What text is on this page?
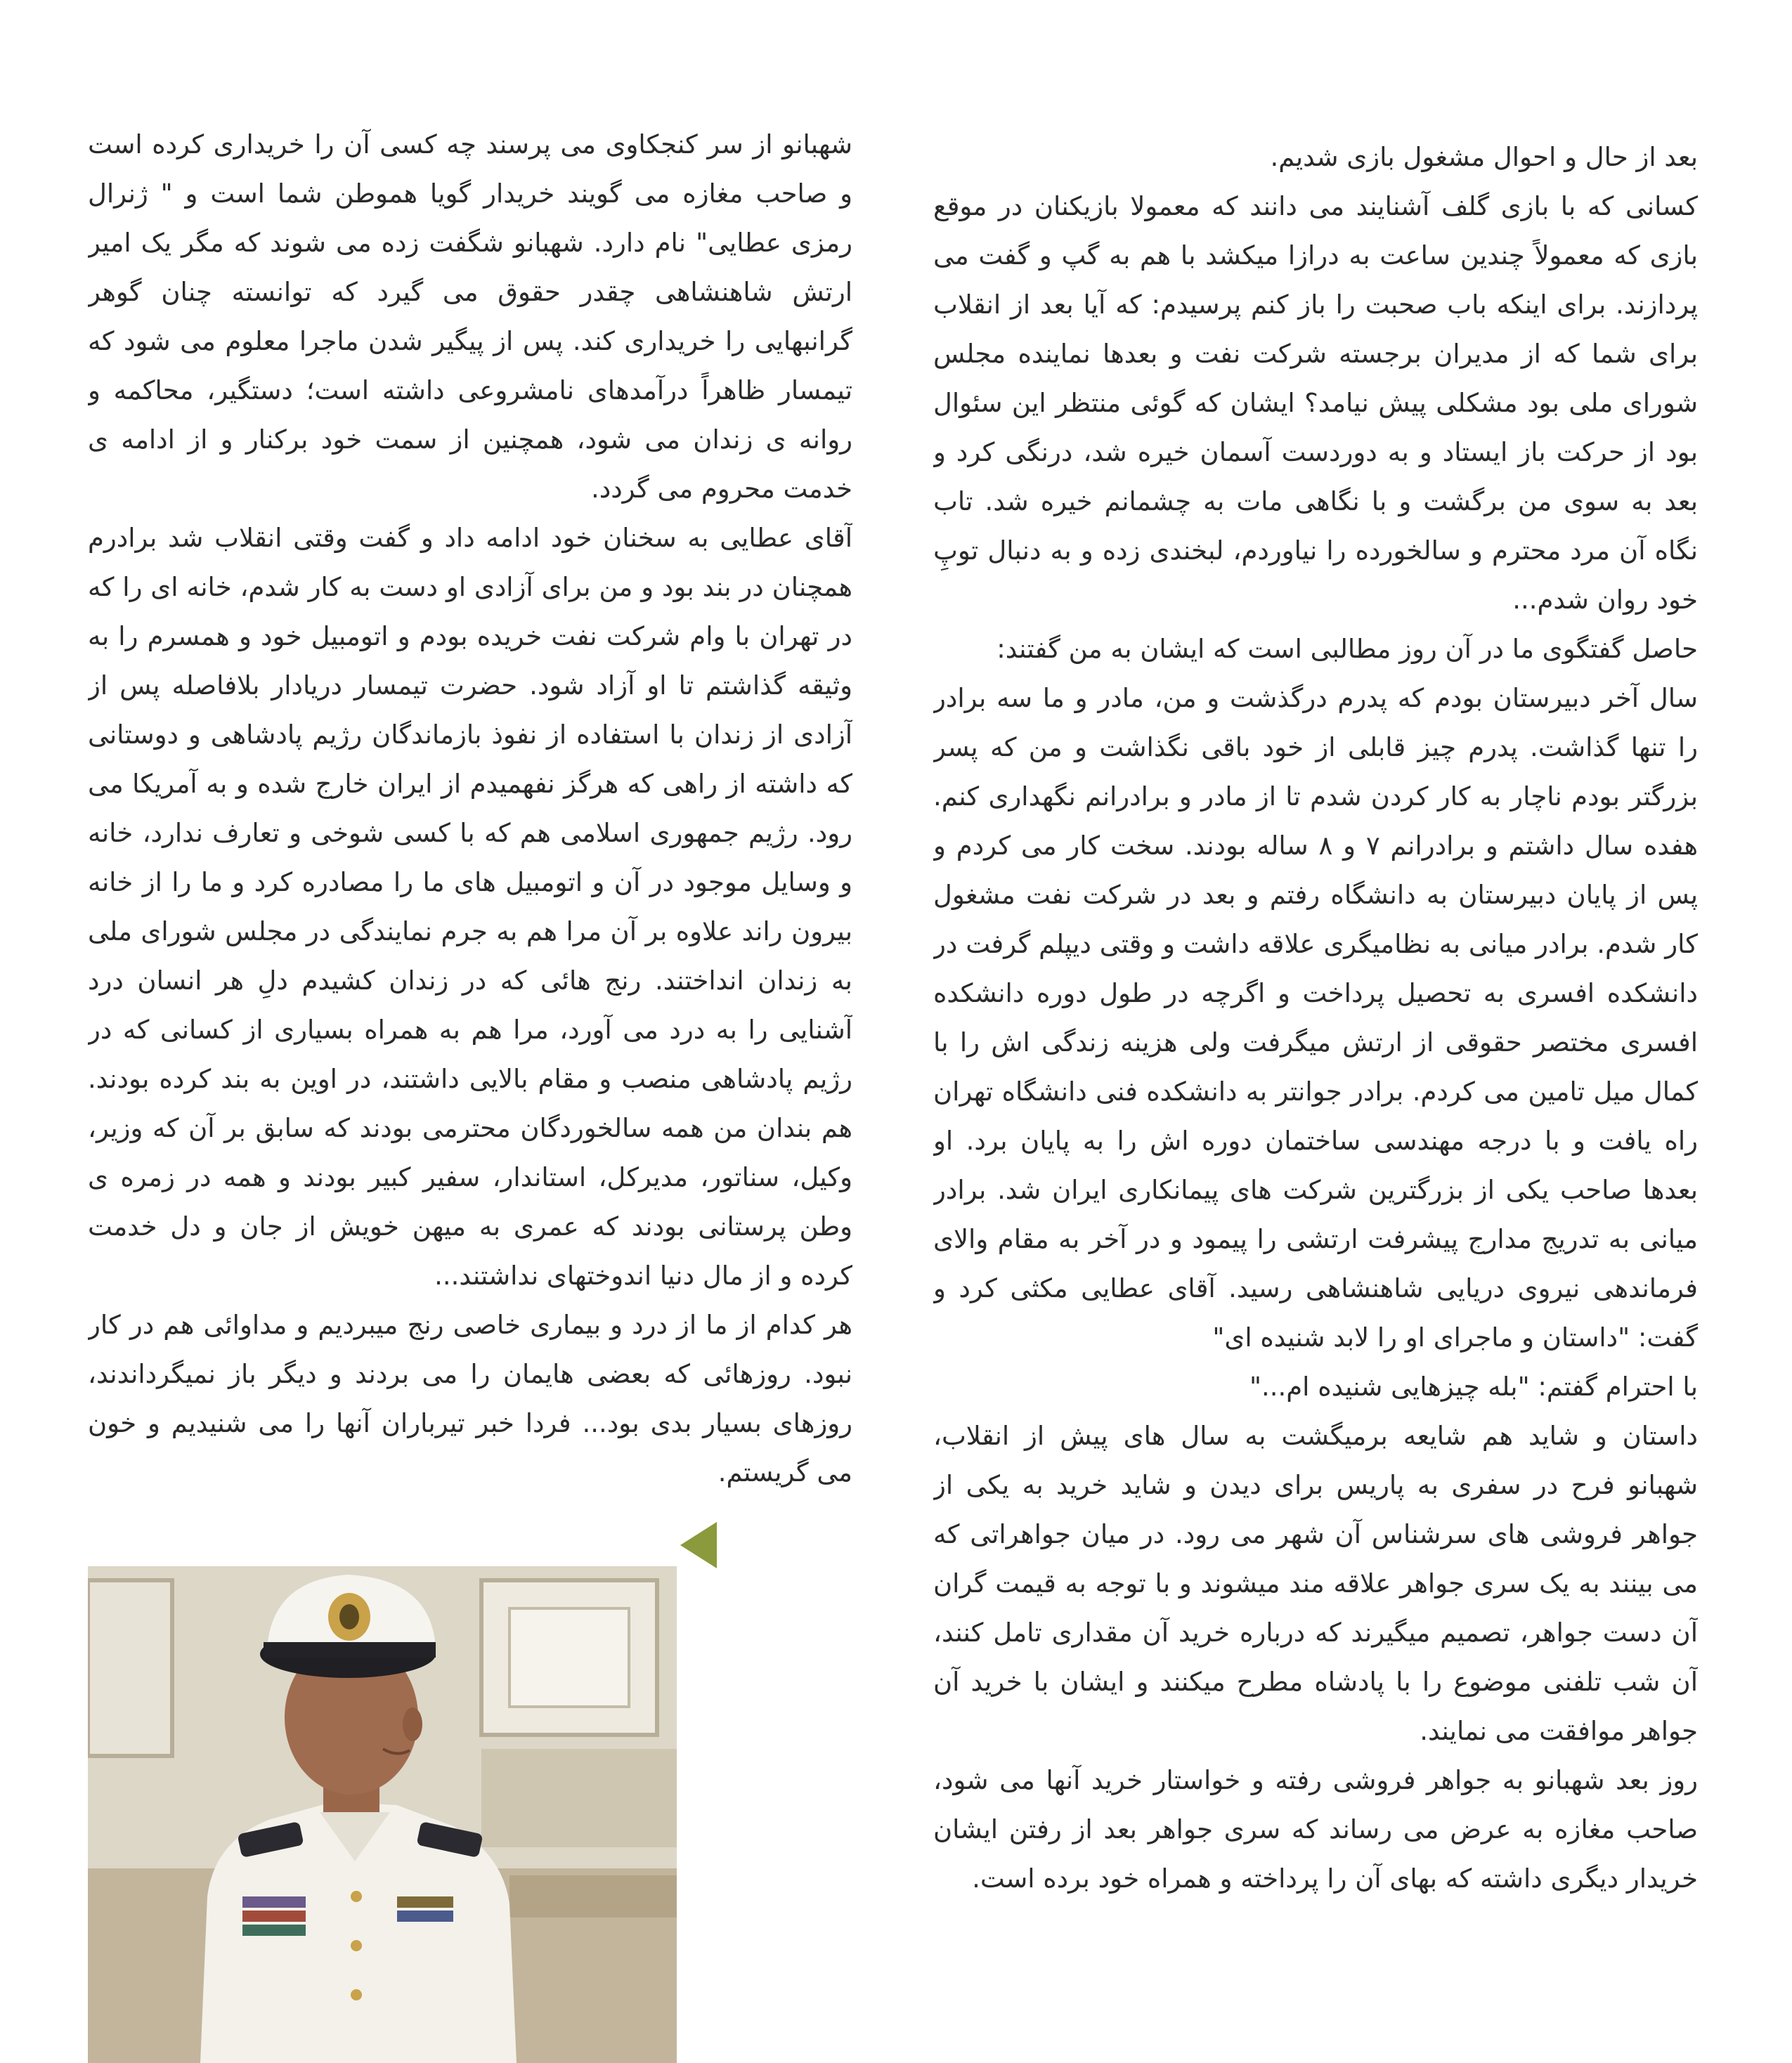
بعد از حال و احوال مشغول بازی شدیم.

کسانی که با بازی گلف آشنایند می دانند که معمولا بازیکنان در موقع بازی که معمولاً چندین ساعت به درازا میکشد با هم به گپ و گفت می پردازند. برای اینکه باب صحبت را باز کنم پرسیدم: که آیا بعد از انقلاب برای شما که از مدیران برجسته شرکت نفت و بعدها نماینده مجلس شورای ملی بود مشکلی پیش نیامد؟ ایشان که گوئی منتظر این سئوال بود از حرکت باز ایستاد و به دوردست آسمان خیره شد، درنگی کرد و بعد به سوی من برگشت و با نگاهی مات به چشمانم خیره شد. تاب نگاه آن مرد محترم و سالخورده را نیاوردم، لبخندی زده و به دنبال توپِ خود روان شدم...

حاصل گفتگوی ما در آن روز مطالبی است که ایشان به من گفتند:

سال آخر دبیرستان بودم که پدرم درگذشت و من، مادر و ما سه برادر را تنها گذاشت. پدرم چیز قابلی از خود باقی نگذاشت و من که پسر بزرگتر بودم ناچار به کار کردن شدم تا از مادر و برادرانم نگهداری کنم. هفده سال داشتم و برادرانم ۷ و ۸ ساله بودند. سخت کار می کردم و پس از پایان دبیرستان به دانشگاه رفتم و بعد در شرکت نفت مشغول کار شدم. برادر میانی به نظامیگری علاقه داشت و وقتی دیپلم گرفت در دانشکده افسری به تحصیل پرداخت و اگرچه در طول دوره دانشکده افسری مختصر حقوقی از ارتش میگرفت ولی هزینه زندگی اش را با کمال میل تامین می کردم. برادر جوانتر به دانشکده فنی دانشگاه تهران راه یافت و با درجه مهندسی ساختمان دوره اش را به پایان برد. او بعدها صاحب یکی از بزرگترین شرکت های پیمانکاری ایران شد. برادر میانی به تدریج مدارج پیشرفت ارتشی را پیمود و در آخر به مقام والای فرماندهی نیروی دریایی شاهنشاهی رسید. آقای عطایی مکثی کرد و گفت: "داستان و ماجرای او را لابد شنیده ای"

با احترام گفتم: "بله چیزهایی شنیده ام..."

داستان و شاید هم شایعه برمیگشت به سال های پیش از انقلاب، شهبانو فرح در سفری به پاریس برای دیدن و شاید خرید به یکی از جواهر فروشی های سرشناس آن شهر می رود. در میان جواهراتی که می بینند به یک سری جواهر علاقه مند میشوند و با توجه به قیمت گران آن دست جواهر، تصمیم میگیرند که درباره خرید آن مقداری تامل کنند، آن شب تلفنی موضوع را با پادشاه مطرح میکنند و ایشان با خرید آن جواهر موافقت می نمایند.

روز بعد شهبانو به جواهر فروشی رفته و خواستار خرید آنها می شود، صاحب مغازه به عرض می رساند که سری جواهر بعد از رفتن ایشان خریدار دیگری داشته که بهای آن را پرداخته و همراه خود برده است.

شهبانو از سر کنجکاوی می پرسند چه کسی آن را خریداری کرده است و صاحب مغازه می گویند خریدار گویا هموطن شما است و " ژنرال رمزی عطایی" نام دارد. شهبانو شگفت زده می شوند که مگر یک امیر ارتش شاهنشاهی چقدر حقوق می گیرد که توانسته چنان گوهر گرانبهایی را خریداری کند. پس از پیگیر شدن ماجرا معلوم می شود که تیمسار ظاهراً درآمدهای نامشروعی داشته است؛ دستگیر، محاکمه و روانه ی زندان می شود، همچنین از سمت خود برکنار و از ادامه ی خدمت محروم می گردد.

آقای عطایی به سخنان خود ادامه داد و گفت وقتی انقلاب شد برادرم همچنان در بند بود و من برای آزادی او دست به کار شدم، خانه ای را که در تهران با وام شرکت نفت خریده بودم و اتومبیل خود و همسرم را به وثیقه گذاشتم تا او آزاد شود. حضرت تیمسار دریادار بلافاصله پس از آزادی از زندان با استفاده از نفوذ بازماندگان رژیم پادشاهی و دوستانی که داشته از راهی که هرگز نفهمیدم از ایران خارج شده و به آمریکا می رود. رژیم جمهوری اسلامی هم که با کسی شوخی و تعارف ندارد، خانه و وسایل موجود در آن و اتومبیل های ما را مصادره کرد و ما را از خانه بیرون راند علاوه بر آن مرا هم به جرم نمایندگی در مجلس شورای ملی به زندان انداختند. رنج هائی که در زندان کشیدم دلِ هر انسان درد آشنایی را به درد می آورد، مرا هم به همراه بسیاری از کسانی که در رژیم پادشاهی منصب و مقام بالایی داشتند، در اوین به بند کرده بودند. هم بندان من همه سالخوردگان محترمی بودند که سابق بر آن که وزیر، وکیل، سناتور، مدیرکل، استاندار، سفیر کبیر بودند و همه در زمره ی وطن پرستانی بودند که عمری به میهن خویش از جان و دل خدمت کرده و از مال دنیا اندوختهای نداشتند...

هر کدام از ما از درد و بیماری خاصی رنج میبردیم و مداوائی هم در کار نبود. روزهائی که بعضی هایمان را می بردند و دیگر باز نمیگرداندند، روزهای بسیار بدی بود... فردا خبر تیرباران آنها را می شنیدیم و خون می گریستم.
